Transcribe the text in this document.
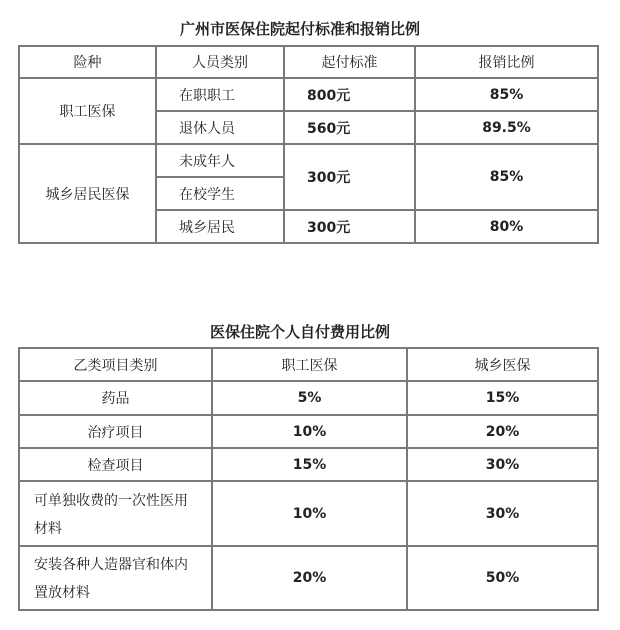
广州市医保住院起付标准和报销比例
险种	人员类别	起付标准	报销比例
职工医保	在职职工	800元	85%
	退休人员	560元	89.5%
城乡居民医保	未成年人	300元	85%
	在校学生		
	城乡居民	300元	80%
医保住院个人自付费用比例
乙类项目类别	职工医保	城乡医保
药品	5%	15%
治疗项目	10%	20%
检查项目	15%	30%
可单独收费的一次性医用材料	10%	30%
安装各种人造器官和体内置放材料	20%	50%
